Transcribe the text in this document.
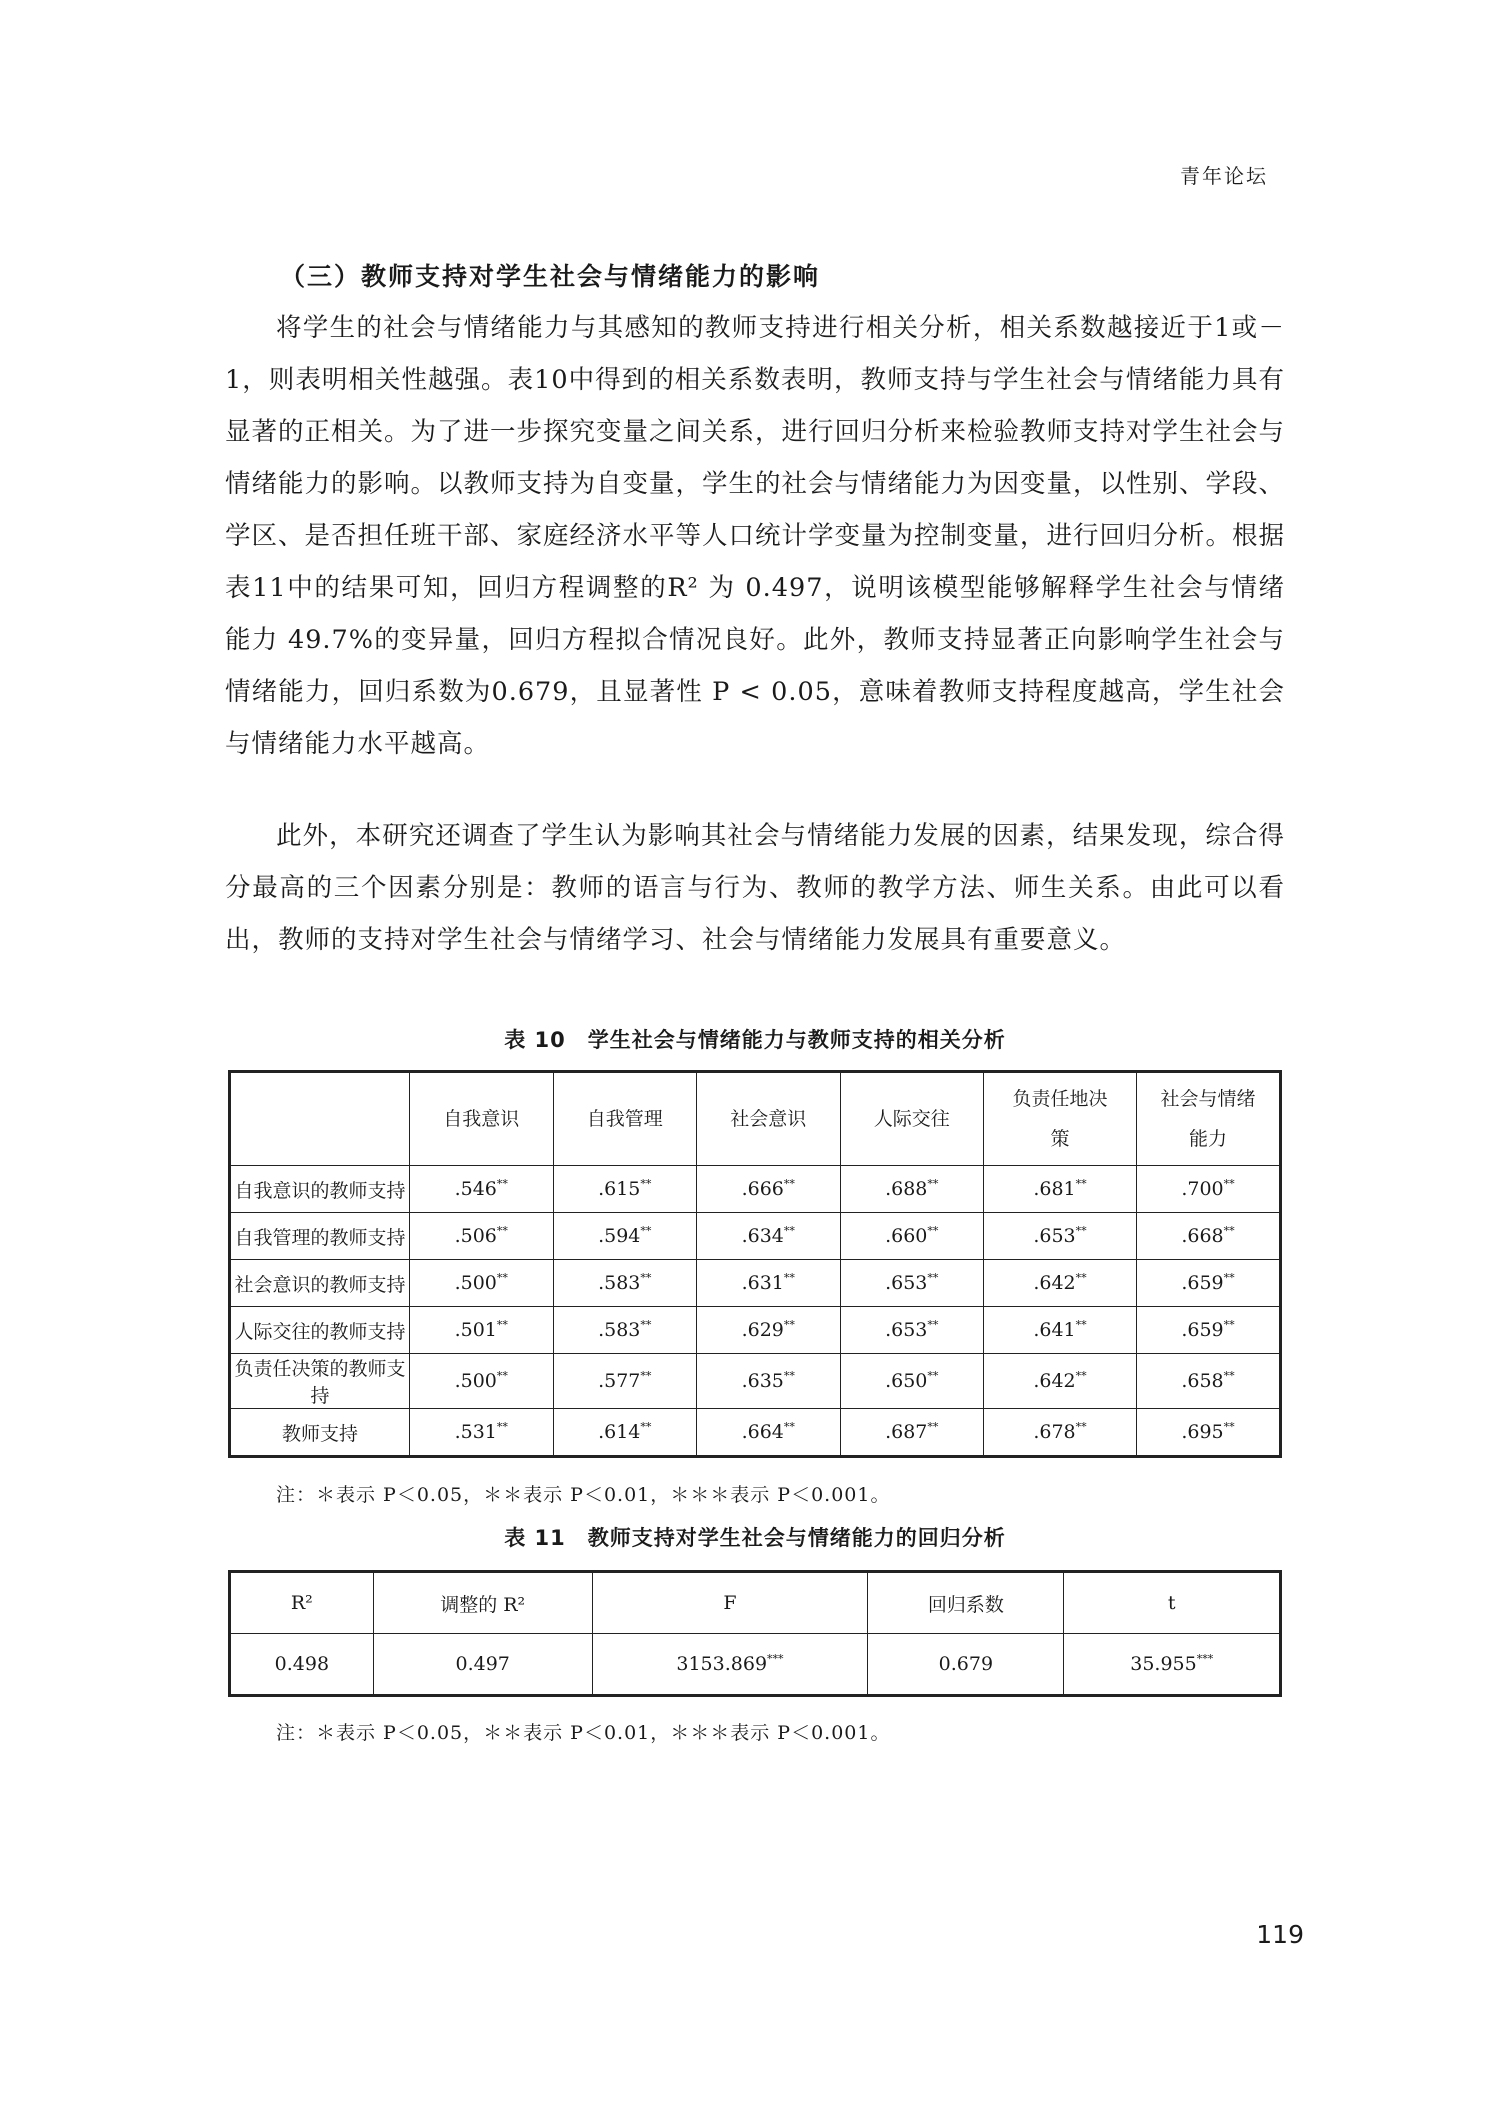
青年论坛
（三）教师支持对学生社会与情绪能力的影响

将学生的社会与情绪能力与其感知的教师支持进行相关分析，相关系数越接近于1或－1，则表明相关性越强。表10中得到的相关系数表明，教师支持与学生社会与情绪能力具有显著的正相关。为了进一步探究变量之间关系，进行回归分析来检验教师支持对学生社会与情绪能力的影响。以教师支持为自变量，学生的社会与情绪能力为因变量，以性别、学段、学区、是否担任班干部、家庭经济水平等人口统计学变量为控制变量，进行回归分析。根据表11中的结果可知，回归方程调整的R² 为 0.497，说明该模型能够解释学生社会与情绪能力 49.7%的变异量，回归方程拟合情况良好。此外，教师支持显著正向影响学生社会与情绪能力，回归系数为0.679，且显著性 P < 0.05，意味着教师支持程度越高，学生社会与情绪能力水平越高。

此外，本研究还调查了学生认为影响其社会与情绪能力发展的因素，结果发现，综合得分最高的三个因素分别是：教师的语言与行为、教师的教学方法、师生关系。由此可以看出，教师的支持对学生社会与情绪学习、社会与情绪能力发展具有重要意义。

表 10　学生社会与情绪能力与教师支持的相关分析
	自我意识	自我管理	社会意识	人际交往	负责任地决策	社会与情绪能力
自我意识的教师支持	.546**	.615**	.666**	.688**	.681**	.700**
自我管理的教师支持	.506**	.594**	.634**	.660**	.653**	.668**
社会意识的教师支持	.500**	.583**	.631**	.653**	.642**	.659**
人际交往的教师支持	.501**	.583**	.629**	.653**	.641**	.659**
负责任决策的教师支持	.500**	.577**	.635**	.650**	.642**	.658**
教师支持	.531**	.614**	.664**	.687**	.678**	.695**
注：＊表示 P＜0.05，＊＊表示 P＜0.01，＊＊＊表示 P＜0.001。
表 11　教师支持对学生社会与情绪能力的回归分析
R²	调整的 R²	F	回归系数	t
0.498	0.497	3153.869***	0.679	35.955***
注：＊表示 P＜0.05，＊＊表示 P＜0.01，＊＊＊表示 P＜0.001。
119
